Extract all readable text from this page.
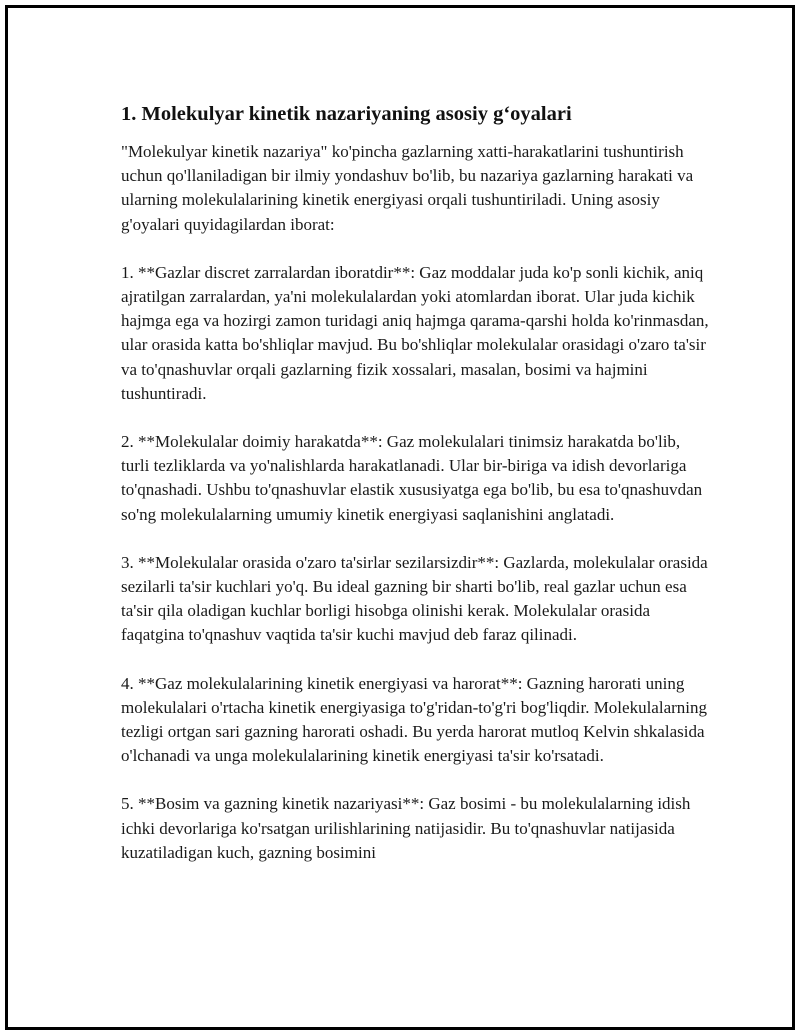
1. Molekulyar kinetik nazariyaning asosiy g‘oyalari

"Molekulyar kinetik nazariya" ko'pincha gazlarning xatti-harakatlarini tushuntirish uchun qo'llaniladigan bir ilmiy yondashuv bo'lib, bu nazariya gazlarning harakati va ularning molekulalarining kinetik energiyasi orqali tushuntiriladi. Uning asosiy g'oyalari quyidagilardan iborat:

1. **Gazlar discret zarralardan iboratdir**: Gaz moddalar juda ko'p sonli kichik, aniq ajratilgan zarralardan, ya'ni molekulalardan yoki atomlardan iborat. Ular juda kichik hajmga ega va hozirgi zamon turidagi aniq hajmga qarama-qarshi holda ko'rinmasdan, ular orasida katta bo'shliqlar mavjud. Bu bo'shliqlar molekulalar orasidagi o'zaro ta'sir va to'qnashuvlar orqali gazlarning fizik xossalari, masalan, bosimi va hajmini tushuntiradi.

2. **Molekulalar doimiy harakatda**: Gaz molekulalari tinimsiz harakatda bo'lib, turli tezliklarda va yo'nalishlarda harakatlanadi. Ular bir-biriga va idish devorlariga to'qnashadi. Ushbu to'qnashuvlar elastik xususiyatga ega bo'lib, bu esa to'qnashuvdan so'ng molekulalarning umumiy kinetik energiyasi saqlanishini anglatadi.

3. **Molekulalar orasida o'zaro ta'sirlar sezilarsizdir**: Gazlarda, molekulalar orasida sezilarli ta'sir kuchlari yo'q. Bu ideal gazning bir sharti bo'lib, real gazlar uchun esa ta'sir qila oladigan kuchlar borligi hisobga olinishi kerak. Molekulalar orasida faqatgina to'qnashuv vaqtida ta'sir kuchi mavjud deb faraz qilinadi.

4. **Gaz molekulalarining kinetik energiyasi va harorat**: Gazning harorati uning molekulalari o'rtacha kinetik energiyasiga to'g'ridan-to'g'ri bog'liqdir. Molekulalarning tezligi ortgan sari gazning harorati oshadi. Bu yerda harorat mutloq Kelvin shkalasida o'lchanadi va unga molekulalarining kinetik energiyasi ta'sir ko'rsatadi.

5. **Bosim va gazning kinetik nazariyasi**: Gaz bosimi - bu molekulalarning idish ichki devorlariga ko'rsatgan urilishlarining natijasidir. Bu to'qnashuvlar natijasida kuzatiladigan kuch, gazning bosimini
